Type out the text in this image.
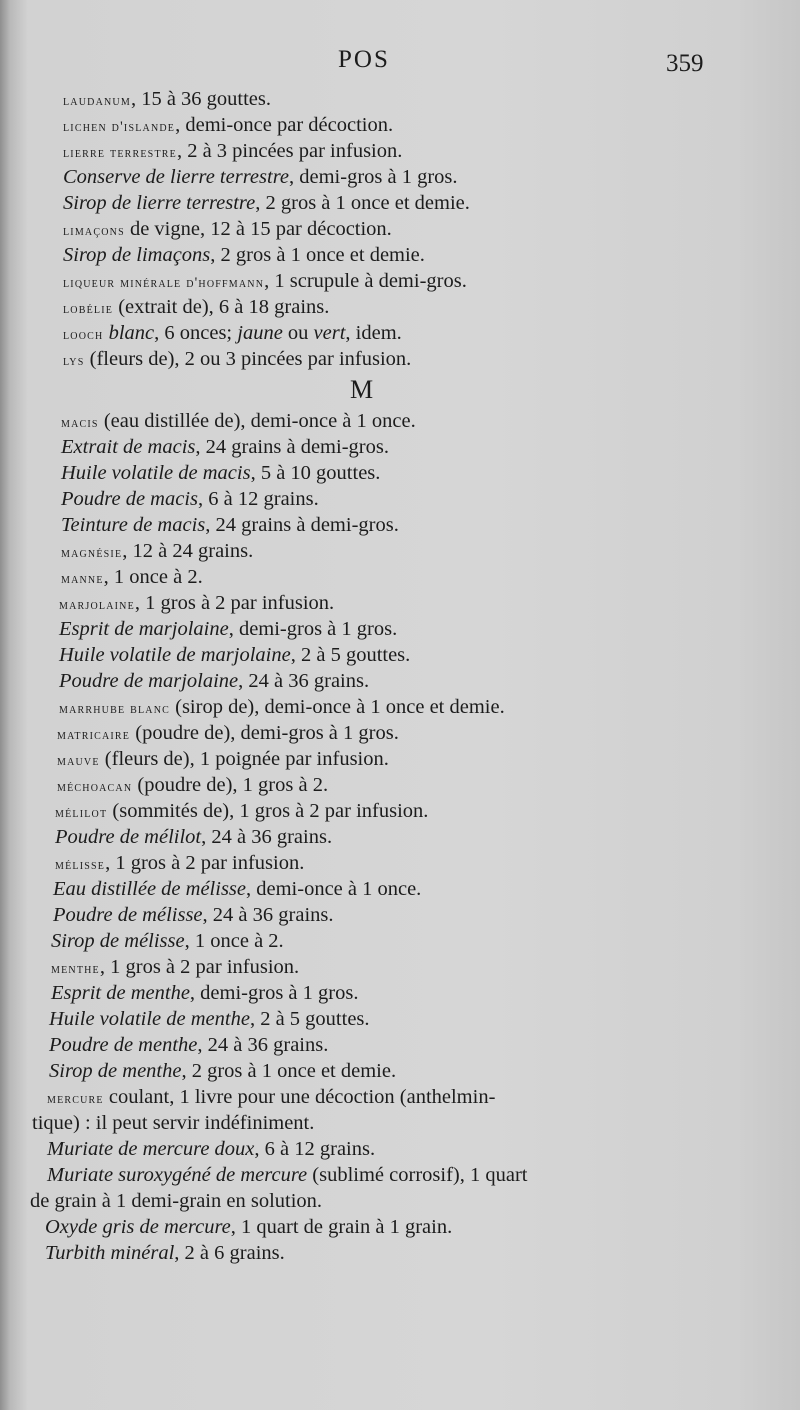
POS	359
laudanum, 15 à 36 gouttes.
lichen d'islande, demi-once par décoction.
lierre terrestre, 2 à 3 pincées par infusion.
Conserve de lierre terrestre, demi-gros à 1 gros.
Sirop de lierre terrestre, 2 gros à 1 once et demie.
limaçons de vigne, 12 à 15 par décoction.
Sirop de limaçons, 2 gros à 1 once et demie.
liqueur minérale d'hoffmann, 1 scrupule à demi-gros.
lobélie (extrait de), 6 à 18 grains.
looch blanc, 6 onces; jaune ou vert, idem.
lys (fleurs de), 2 ou 3 pincées par infusion.
M
macis (eau distillée de), demi-once à 1 once.
Extrait de macis, 24 grains à demi-gros.
Huile volatile de macis, 5 à 10 gouttes.
Poudre de macis, 6 à 12 grains.
Teinture de macis, 24 grains à demi-gros.
magnésie, 12 à 24 grains.
manne, 1 once à 2.
marjolaine, 1 gros à 2 par infusion.
Esprit de marjolaine, demi-gros à 1 gros.
Huile volatile de marjolaine, 2 à 5 gouttes.
Poudre de marjolaine, 24 à 36 grains.
marrhube blanc (sirop de), demi-once à 1 once et demie.
matricaire (poudre de), demi-gros à 1 gros.
mauve (fleurs de), 1 poignée par infusion.
méchoacan (poudre de), 1 gros à 2.
mélilot (sommités de), 1 gros à 2 par infusion.
Poudre de mélilot, 24 à 36 grains.
mélisse, 1 gros à 2 par infusion.
Eau distillée de mélisse, demi-once à 1 once.
Poudre de mélisse, 24 à 36 grains.
Sirop de mélisse, 1 once à 2.
menthe, 1 gros à 2 par infusion.
Esprit de menthe, demi-gros à 1 gros.
Huile volatile de menthe, 2 à 5 gouttes.
Poudre de menthe, 24 à 36 grains.
Sirop de menthe, 2 gros à 1 once et demie.
mercure coulant, 1 livre pour une décoction (anthelmin-
tique) : il peut servir indéfiniment.
Muriate de mercure doux, 6 à 12 grains.
Muriate suroxygéné de mercure (sublimé corrosif), 1 quart
de grain à 1 demi-grain en solution.
Oxyde gris de mercure, 1 quart de grain à 1 grain.
Turbith minéral, 2 à 6 grains.
